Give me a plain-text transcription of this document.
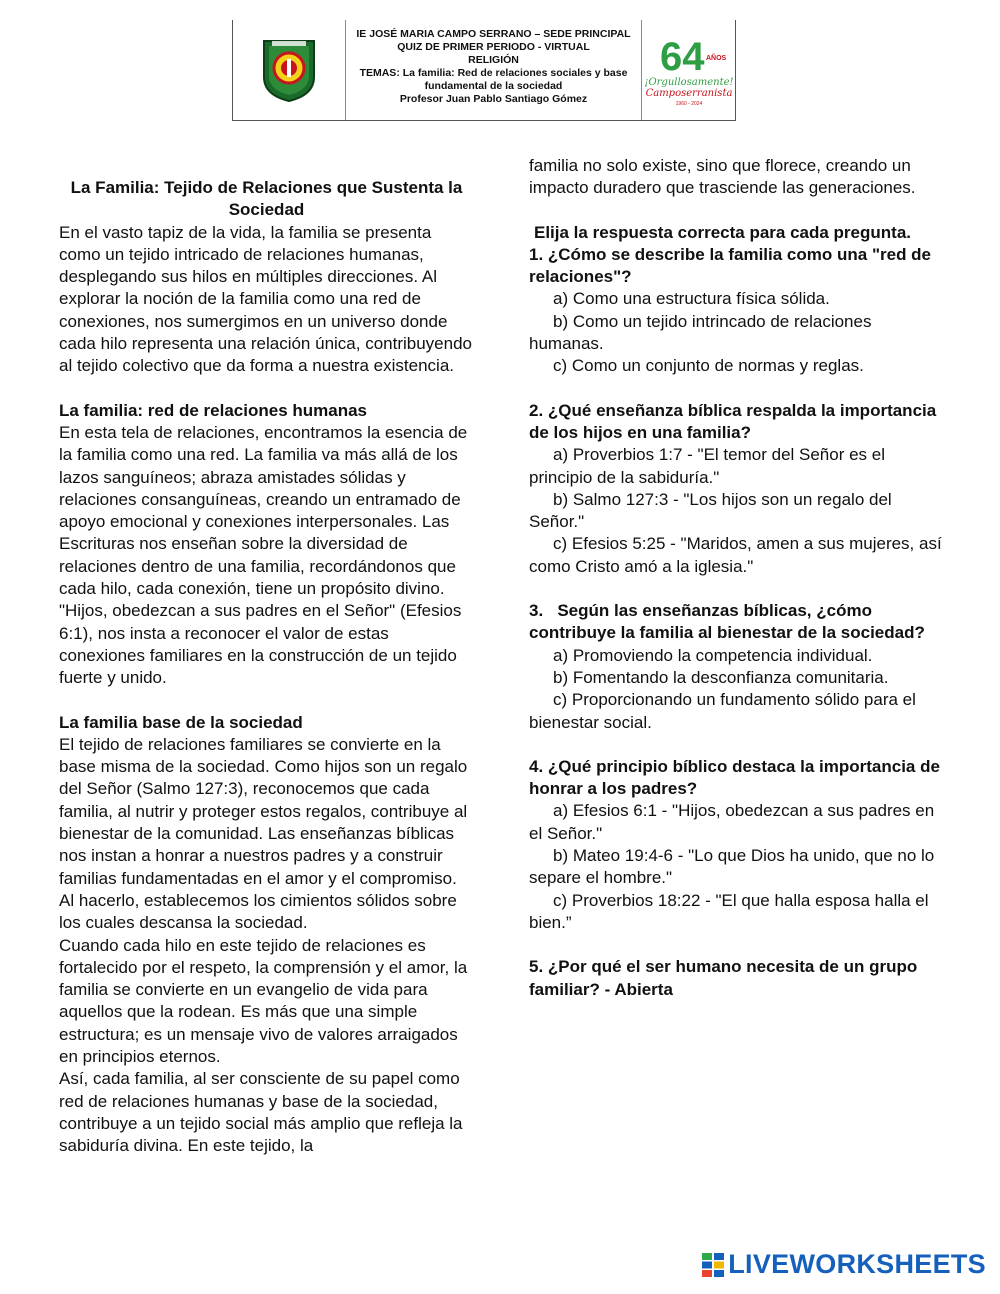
IE JOSÉ MARIA CAMPO SERRANO – SEDE PRINCIPAL
QUIZ DE PRIMER PERIODO - VIRTUAL
RELIGIÓN
TEMAS: La familia: Red de relaciones sociales y base fundamental de la sociedad
Profesor Juan Pablo Santiago Gómez
64 AÑOS
¡Orgullosamente!
Camposerranista
1960 - 2024

La Familia: Tejido de Relaciones que Sustenta la Sociedad

En el vasto tapiz de la vida, la familia se presenta como un tejido intricado de relaciones humanas, desplegando sus hilos en múltiples direcciones. Al explorar la noción de la familia como una red de conexiones, nos sumergimos en un universo donde cada hilo representa una relación única, contribuyendo al tejido colectivo que da forma a nuestra existencia.

La familia: red de relaciones humanas

En esta tela de relaciones, encontramos la esencia de la familia como una red. La familia va más allá de los lazos sanguíneos; abraza amistades sólidas y relaciones consanguíneas, creando un entramado de apoyo emocional y conexiones interpersonales. Las Escrituras nos enseñan sobre la diversidad de relaciones dentro de una familia, recordándonos que cada hilo, cada conexión, tiene un propósito divino. "Hijos, obedezcan a sus padres en el Señor" (Efesios 6:1), nos insta a reconocer el valor de estas conexiones familiares en la construcción de un tejido fuerte y unido.

La familia base de la sociedad

El tejido de relaciones familiares se convierte en la base misma de la sociedad. Como hijos son un regalo del Señor (Salmo 127:3), reconocemos que cada familia, al nutrir y proteger estos regalos, contribuye al bienestar de la comunidad. Las enseñanzas bíblicas nos instan a honrar a nuestros padres y a construir familias fundamentadas en el amor y el compromiso. Al hacerlo, establecemos los cimientos sólidos sobre los cuales descansa la sociedad.

Cuando cada hilo en este tejido de relaciones es fortalecido por el respeto, la comprensión y el amor, la familia se convierte en un evangelio de vida para aquellos que la rodean. Es más que una simple estructura; es un mensaje vivo de valores arraigados en principios eternos.

Así, cada familia, al ser consciente de su papel como red de relaciones humanas y base de la sociedad, contribuye a un tejido social más amplio que refleja la sabiduría divina. En este tejido, la

familia no solo existe, sino que florece, creando un impacto duradero que trasciende las generaciones.

Elija la respuesta correcta para cada pregunta.

1. ¿Cómo se describe la familia como una "red de relaciones"?

a) Como una estructura física sólida.

b) Como un tejido intrincado de relaciones humanas.

c) Como un conjunto de normas y reglas.

2. ¿Qué enseñanza bíblica respalda la importancia de los hijos en una familia?

a) Proverbios 1:7 - "El temor del Señor es el principio de la sabiduría."

b) Salmo 127:3 - "Los hijos son un regalo del Señor."

c) Efesios 5:25 - "Maridos, amen a sus mujeres, así como Cristo amó a la iglesia."

3.   Según las enseñanzas bíblicas, ¿cómo contribuye la familia al bienestar de la sociedad?

a) Promoviendo la competencia individual.

b) Fomentando la desconfianza comunitaria.

c) Proporcionando un fundamento sólido para el bienestar social.

4. ¿Qué principio bíblico destaca la importancia de honrar a los padres?

a) Efesios 6:1 - "Hijos, obedezcan a sus padres en el Señor."

b) Mateo 19:4-6 - "Lo que Dios ha unido, que no lo separe el hombre."

c) Proverbios 18:22 - "El que halla esposa halla el bien.”

5. ¿Por qué el ser humano necesita de un grupo familiar? - Abierta

LIVEWORKSHEETS
